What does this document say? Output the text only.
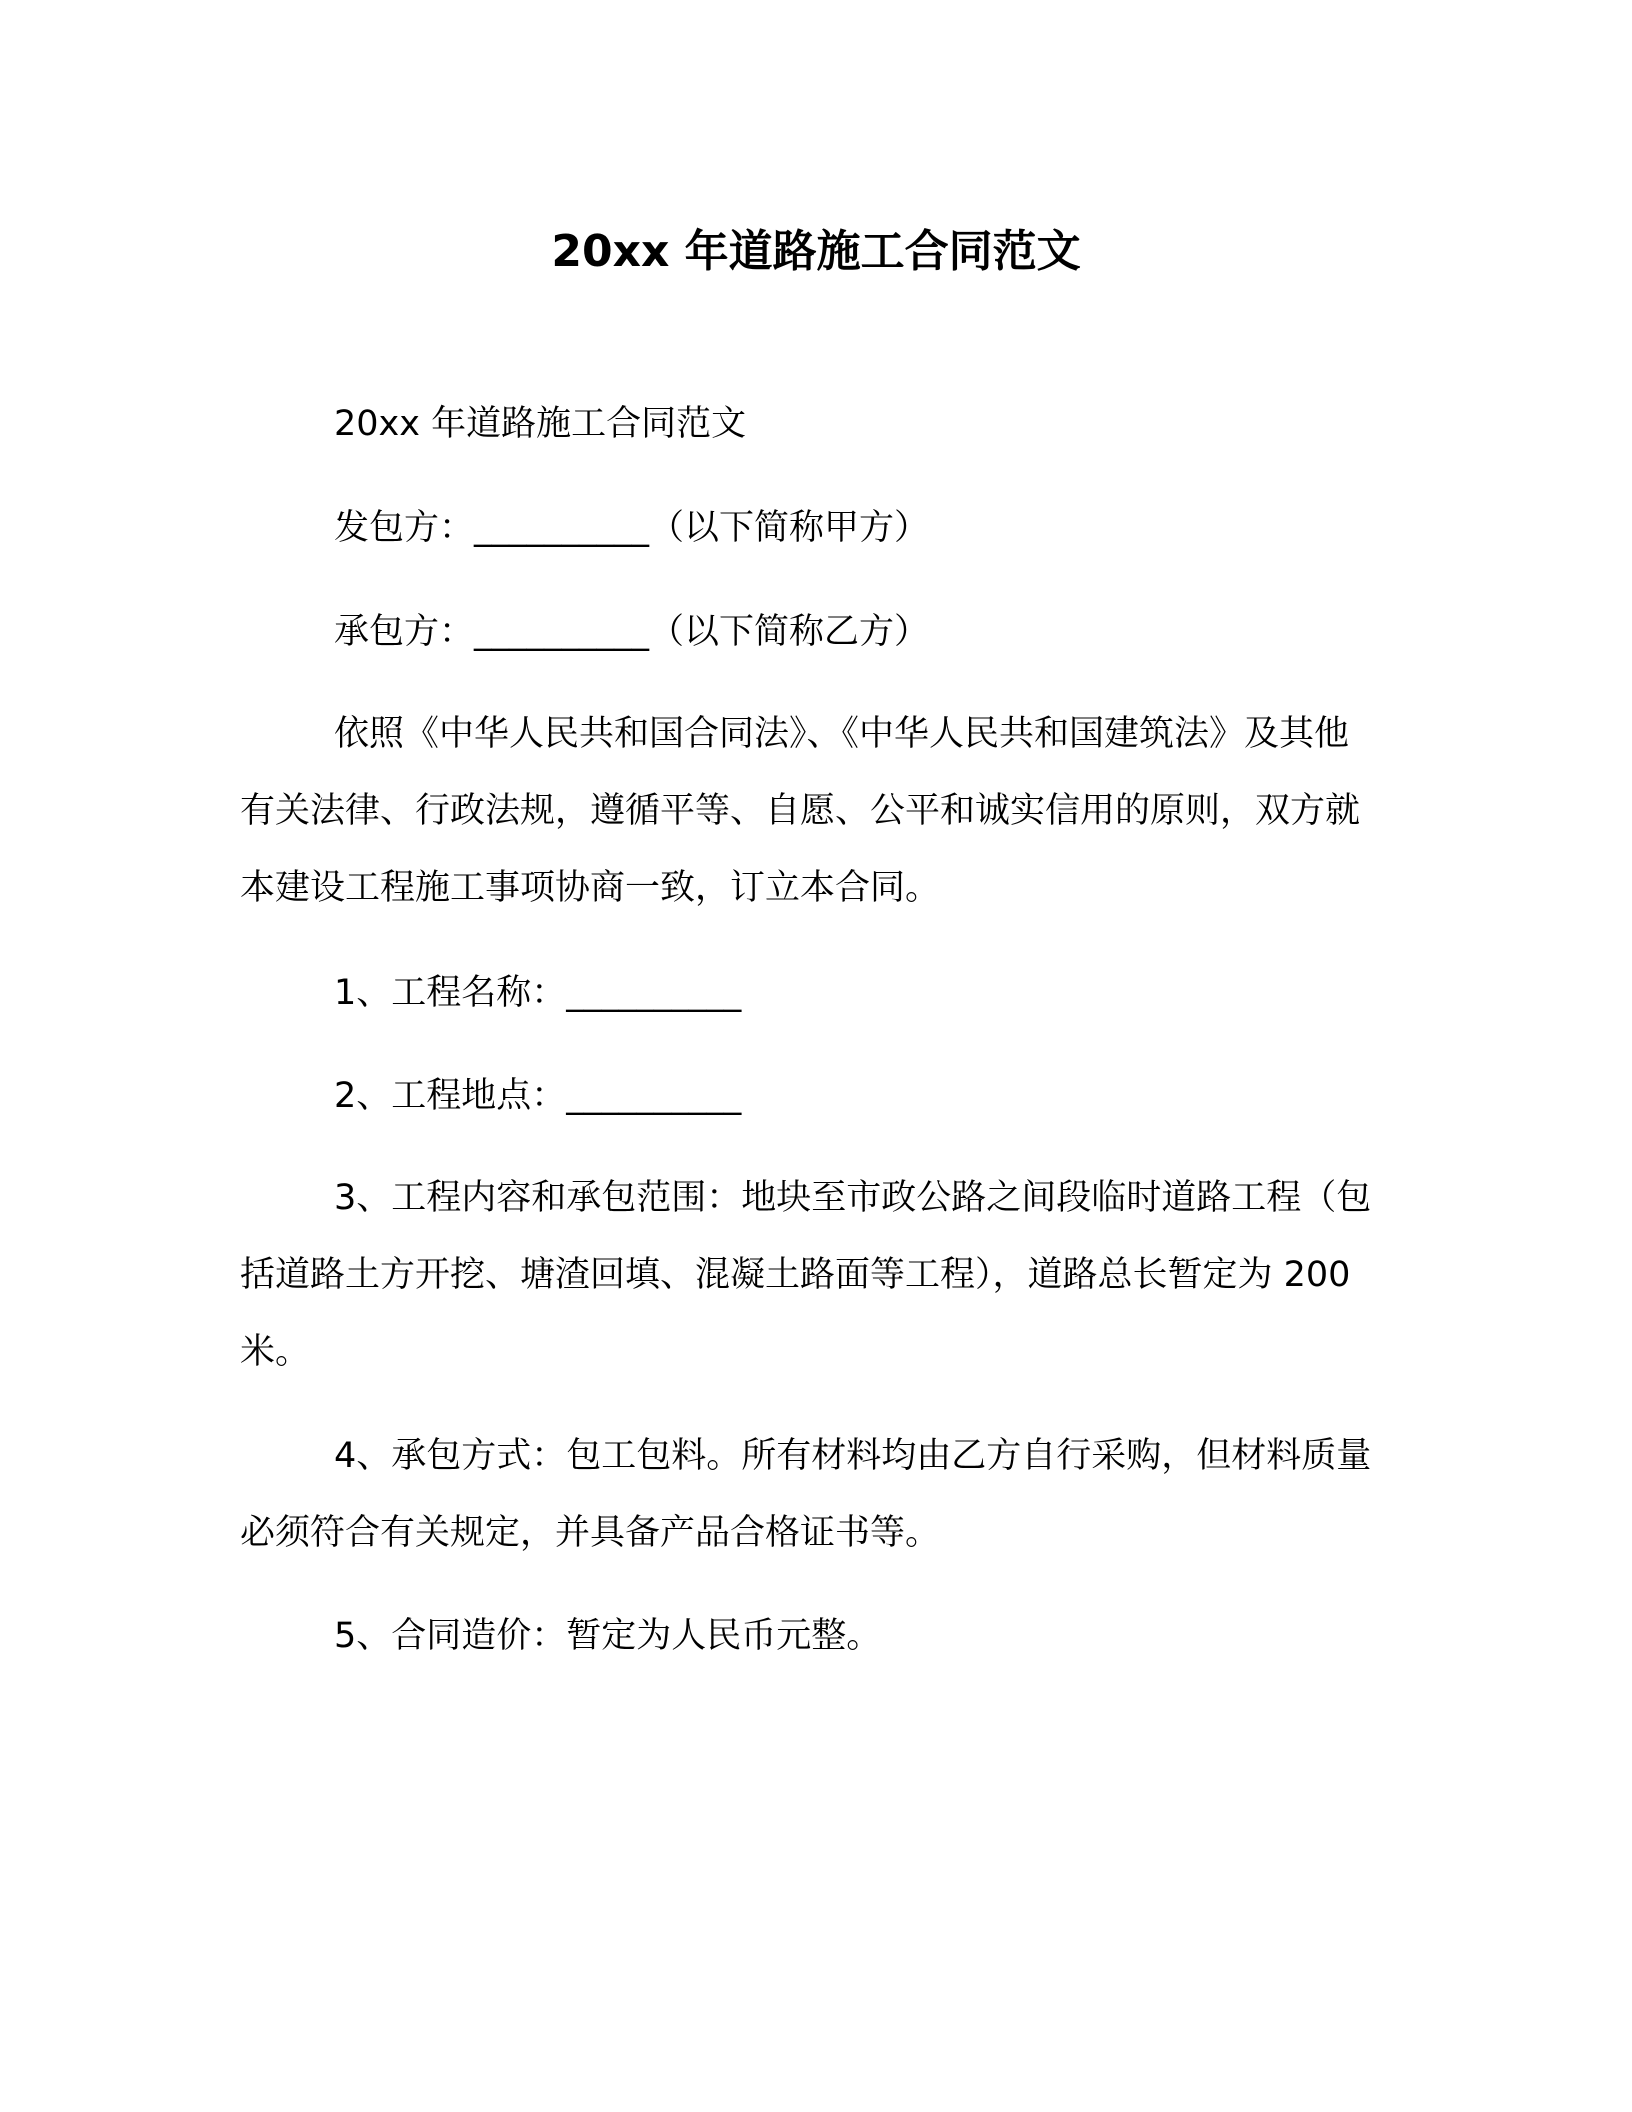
20xx 年道路施工合同范文

20xx 年道路施工合同范文

发包方：__________（以下简称甲方）

承包方：__________（以下简称乙方）

依照《中华人民共和国合同法》、《中华人民共和国建筑法》及其他有关法律、行政法规，遵循平等、自愿、公平和诚实信用的原则，双方就本建设工程施工事项协商一致，订立本合同。

1、工程名称：__________

2、工程地点：__________

3、工程内容和承包范围：地块至市政公路之间段临时道路工程（包括道路土方开挖、塘渣回填、混凝土路面等工程），道路总长暂定为 200 米。

4、承包方式：包工包料。所有材料均由乙方自行采购，但材料质量必须符合有关规定，并具备产品合格证书等。

5、合同造价：暂定为人民币元整。
